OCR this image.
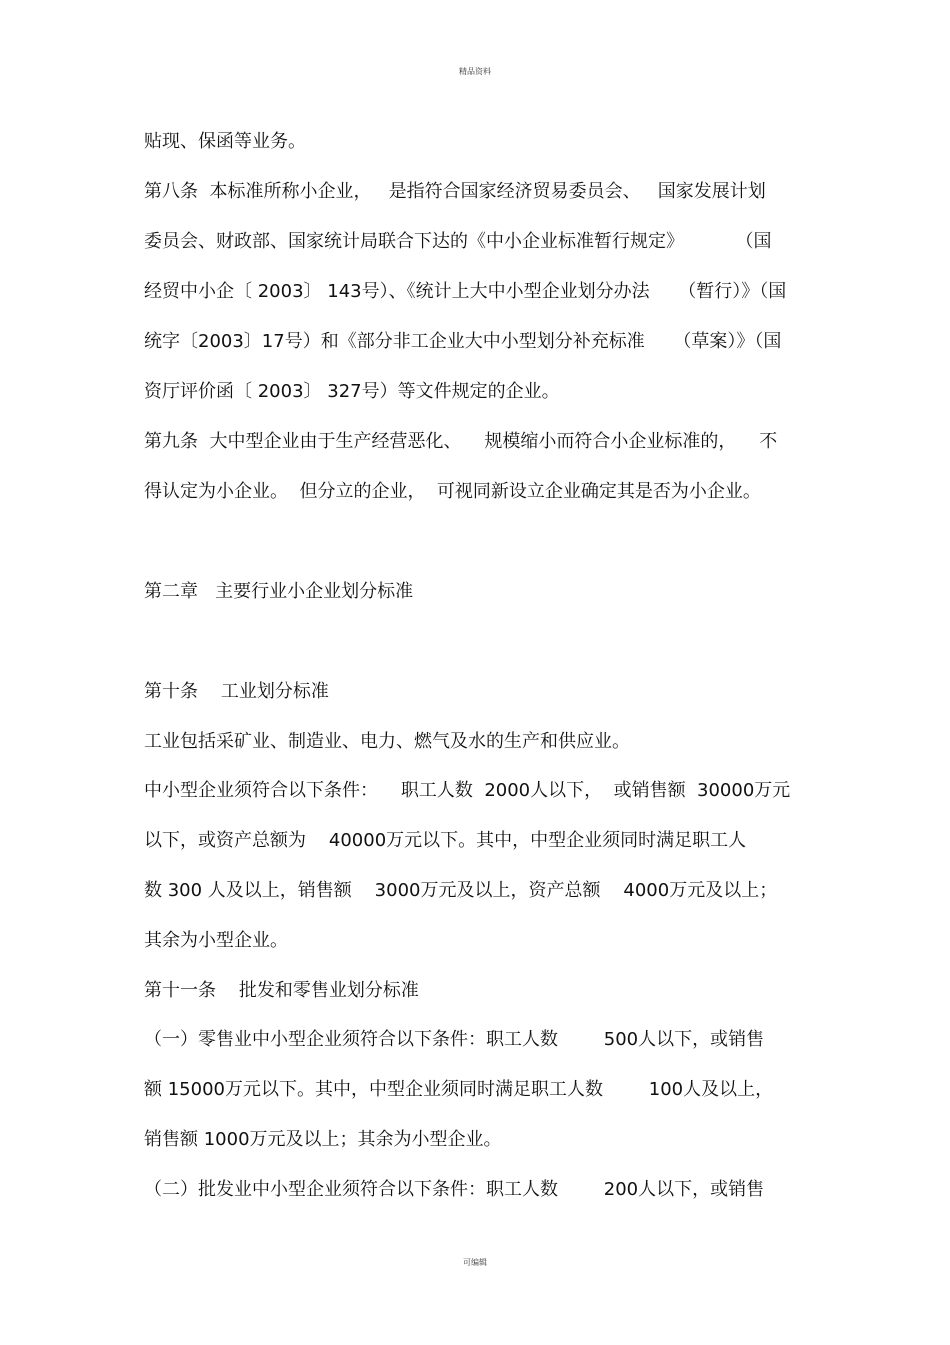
精品资料
贴现、保函等业务。
第八条  本标准所称小企业，   是指符合国家经济贸易委员会、   国家发展计划
委员会、财政部、国家统计局联合下达的《中小企业标准暂行规定》         （国
经贸中小企〔 2003〕 143号）、《统计上大中小型企业划分办法     （暂行）》（国
统字〔2003〕17号）和《部分非工企业大中小型划分补充标准     （草案）》（国
资厅评价函〔 2003〕 327号）等文件规定的企业。
第九条  大中型企业由于生产经营恶化、    规模缩小而符合小企业标准的，    不
得认定为小企业。  但分立的企业，  可视同新设立企业确定其是否为小企业。
第二章   主要行业小企业划分标准
第十条    工业划分标准
工业包括采矿业、制造业、电力、燃气及水的生产和供应业。
中小型企业须符合以下条件：    职工人数  2000人以下，  或销售额  30000万元
以下，或资产总额为    40000万元以下。其中，中型企业须同时满足职工人
数 300 人及以上，销售额    3000万元及以上，资产总额    4000万元及以上；
其余为小型企业。
第十一条    批发和零售业划分标准
（一）零售业中小型企业须符合以下条件：职工人数        500人以下，或销售
额 15000万元以下。其中，中型企业须同时满足职工人数        100人及以上，
销售额 1000万元及以上；其余为小型企业。
（二）批发业中小型企业须符合以下条件：职工人数        200人以下，或销售
可编辑
